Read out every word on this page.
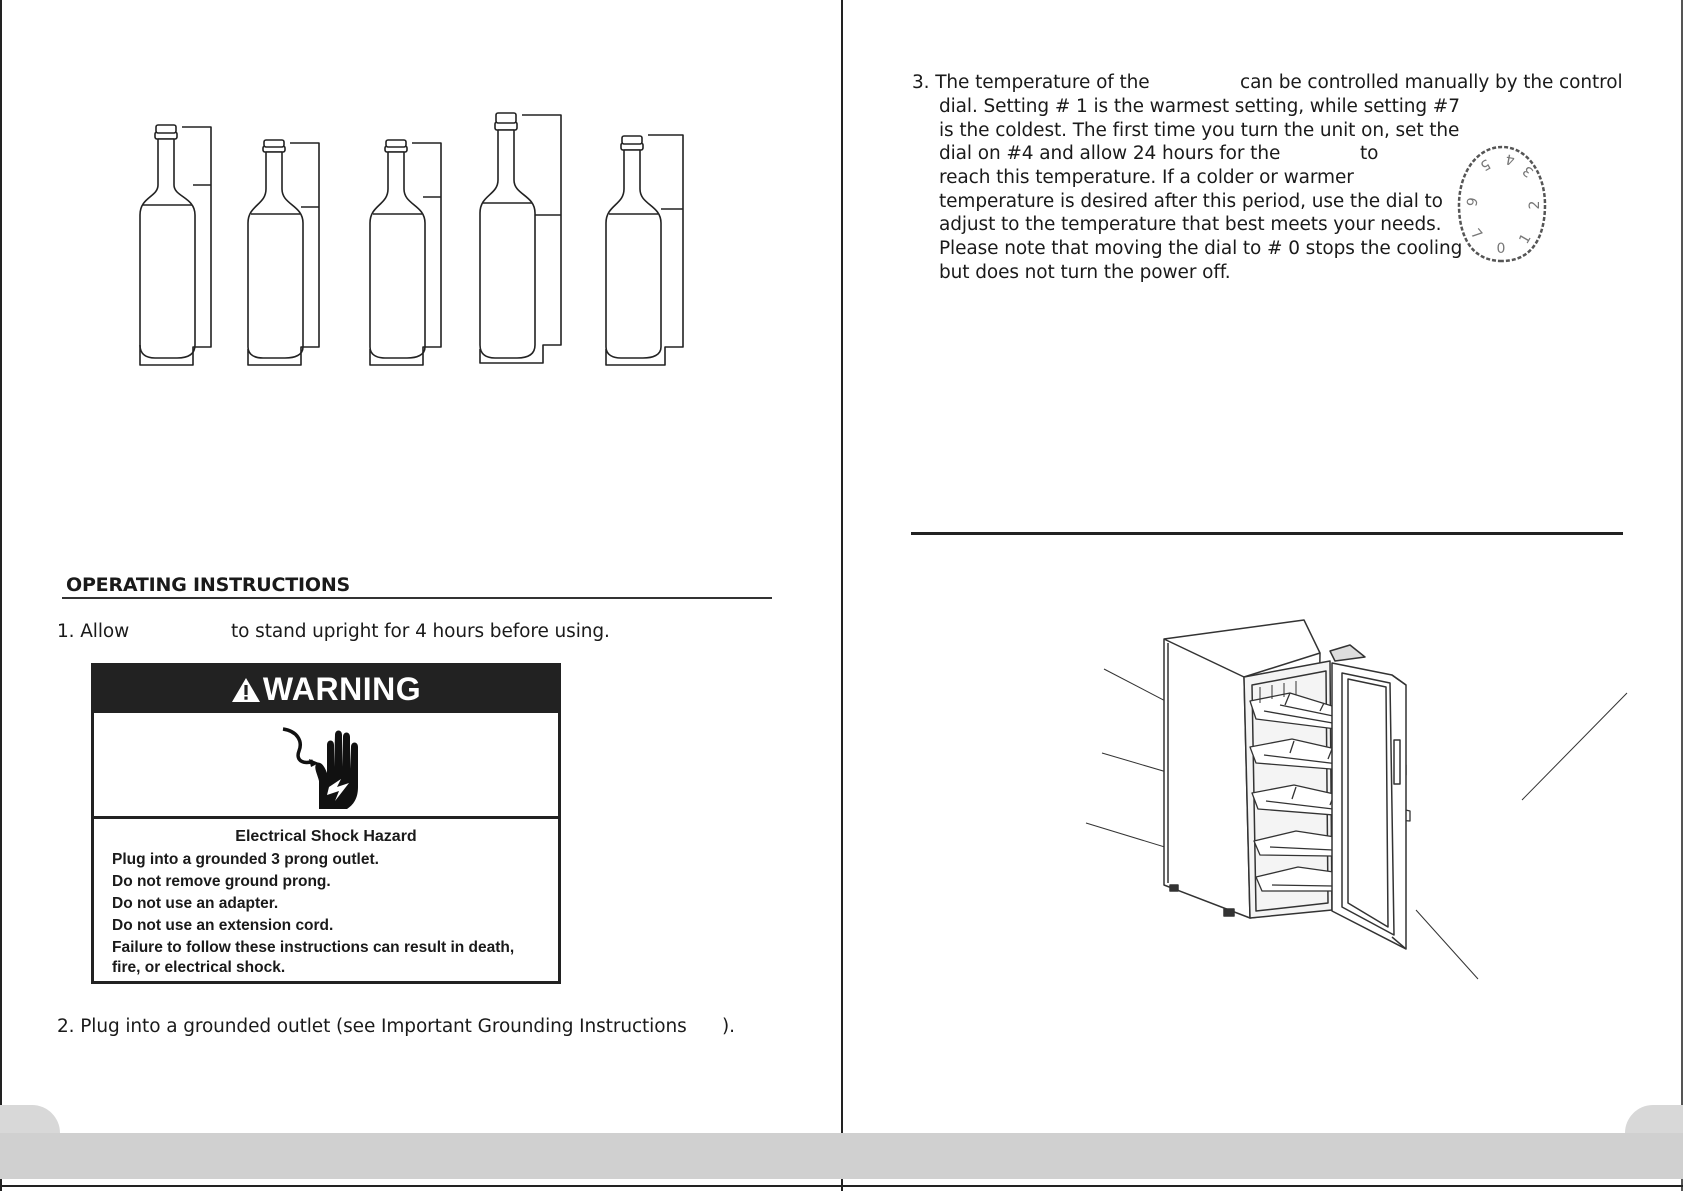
OPERATING INSTRUCTIONS
1. Allow	to stand upright for 4 hours before using.
WARNING
Electrical Shock Hazard
Plug into a grounded 3 prong outlet.
Do not remove ground prong.
Do not use an adapter.
Do not use an extension cord.
Failure to follow these instructions can result in death,
fire, or electrical shock.
2. Plug into a grounded outlet (see Important Grounding Instructions ).
3. The temperature of the	can be controlled manually by the control
dial. Setting # 1 is the warmest setting, while setting #7
is the coldest. The first time you turn the unit on, set the
dial on #4 and allow 24 hours for the	to
reach this temperature. If a colder or warmer
temperature is desired after this period, use the dial to
adjust to the temperature that best meets your needs.
Please note that moving the dial to # 0 stops the cooling
but does not turn the power off.
0
1
2
3
4
5
6
7
